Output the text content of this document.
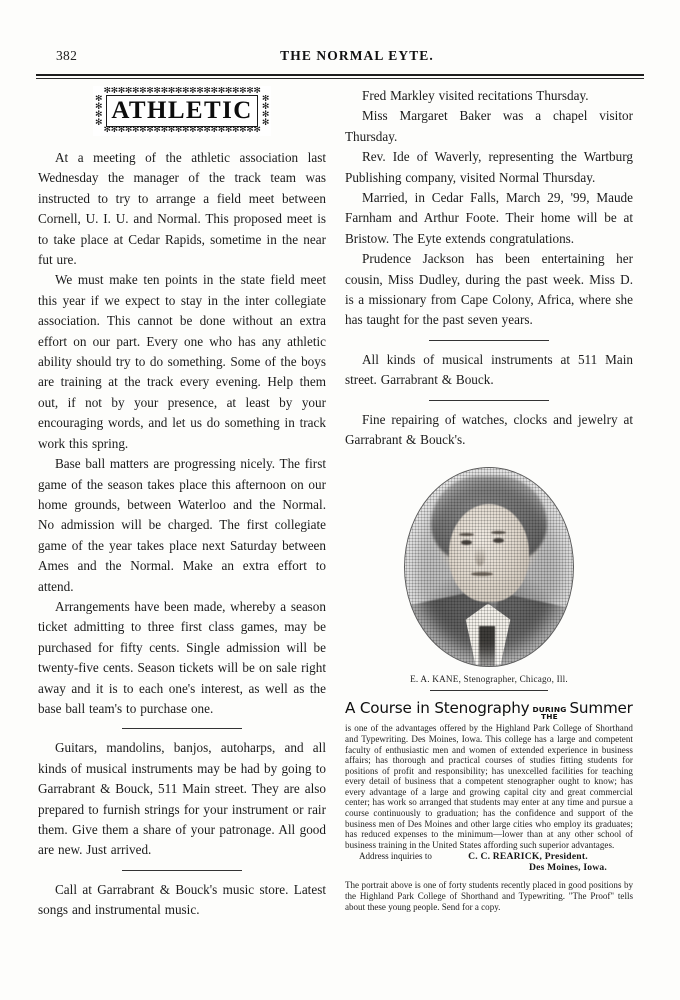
382	THE NORMAL EYTE.
✻✻✻✻✻✻✻✻✻✻✻✻✻✻✻✻✻✻✻✻✻✻
✻✻✻✻✻✻✻✻✻✻✻✻✻✻✻✻✻✻✻✻✻✻
✻
✻
✻
✻
✻
✻
✻
✻
ATHLETIC

At a meeting of the athletic association last Wednesday the manager of the track team was instructed to try to arrange a field meet between Cornell, U. I. U. and Normal. This proposed meet is to take place at Cedar Rapids, sometime in the near fut ure.

We must make ten points in the state field meet this year if we expect to stay in the inter collegiate association. This cannot be done without an extra effort on our part. Every one who has any athletic ability should try to do something. Some of the boys are training at the track every evening. Help them out, if not by your presence, at least by your encouraging words, and let us do something in track work this spring.

Base ball matters are progressing nicely. The first game of the season takes place this afternoon on our home grounds, between Waterloo and the Normal. No admission will be charged. The first collegiate game of the year takes place next Saturday between Ames and the Normal. Make an extra effort to attend.

Arrangements have been made, whereby a season ticket admitting to three first class games, may be purchased for fifty cents. Single admission will be twenty-five cents. Season tickets will be on sale right away and it is to each one's interest, as well as the base ball team's to purchase one.

Guitars, mandolins, banjos, autoharps, and all kinds of musical instruments may be had by going to Garrabrant & Bouck, 511 Main street. They are also prepared to furnish strings for your instrument or rair them. Give them a share of your patronage. All good are new. Just arrived.

Call at Garrabrant & Bouck's music store. Latest songs and instrumental music.

Fred Markley visited recitations Thursday.

Miss Margaret Baker was a chapel visitor Thursday.

Rev. Ide of Waverly, representing the Wartburg Publishing company, visited Normal Thursday.

Married, in Cedar Falls, March 29, '99, Maude Farnham and Arthur Foote. Their home will be at Bristow. The Eyte extends congratulations.

Prudence Jackson has been entertaining her cousin, Miss Dudley, during the past week. Miss D. is a missionary from Cape Colony, Africa, where she has taught for the past seven years.

All kinds of musical instruments at 511 Main street. Garrabrant & Bouck.

Fine repairing of watches, clocks and jewelry at Garrabrant & Bouck's.

E. A. KANE, Stenographer, Chicago, Ill.
A Course in Stenography DURING
THE Summer
is one of the advantages offered by the Highland Park College of Shorthand and Typewriting. Des Moines, Iowa. This college has a large and competent faculty of enthusiastic men and women of extended experience in business affairs; has thorough and practical courses of studies fitting students for positions of profit and responsibility; has unexcelled facilities for teaching every detail of business that a competent stenographer ought to know; has every advantage of a large and growing capital city and great commercial center; has work so arranged that students may enter at any time and pursue a course continuously to graduation; has the confidence and support of the business men of Des Moines and other large cities who employ its graduates; has reduced expenses to the minimum—lower than at any other school of business training in the United States affording such superior advantages.
Address inquiries to	C. C. REARICK, President.
Des Moines, Iowa.
The portrait above is one of forty students recently placed in good positions by the Highland Park College of Shorthand and Typewriting. "The Proof" tells about these young people. Send for a copy.
